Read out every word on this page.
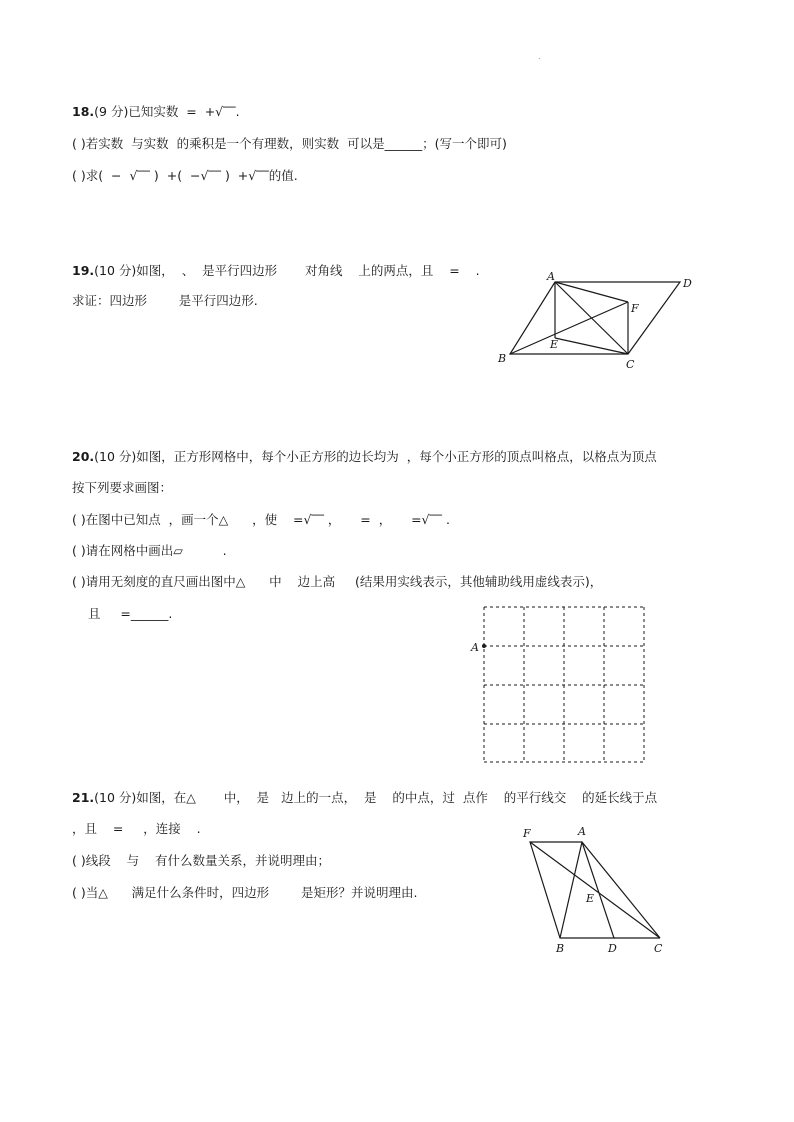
.
18.(9 分)已知实数  =  +√‾‾.
( )若实数  与实数  的乘积是一个有理数，则实数  可以是______；(写一个即可)
( )求(  −  √‾‾ )  +(  −√‾‾ )  +√‾‾的值.
19.(10 分)如图，  、  是平行四边形       对角线    上的两点，且    =    .
求证：四边形        是平行四边形.
A
D
F
E
B	C
20.(10 分)如图，正方形网格中，每个小正方形的边长均为  ，每个小正方形的顶点叫格点，以格点为顶点
按下列要求画图：
( )在图中已知点  ，画一个△      ，使    =√‾‾ ，     =  ，     =√‾‾ .
( )请在网格中画出▱          .
( )请用无刻度的直尺画出图中△      中    边上高     (结果用实线表示，其他辅助线用虚线表示)，
且     =______.
A
21.(10 分)如图，在△       中，  是   边上的一点，  是    的中点，过  点作    的平行线交    的延长线于点
，且    =     ，连接    .
( )线段    与    有什么数量关系，并说明理由；
( )当△      满足什么条件时，四边形        是矩形？并说明理由.
F	A
E
B	D	C
